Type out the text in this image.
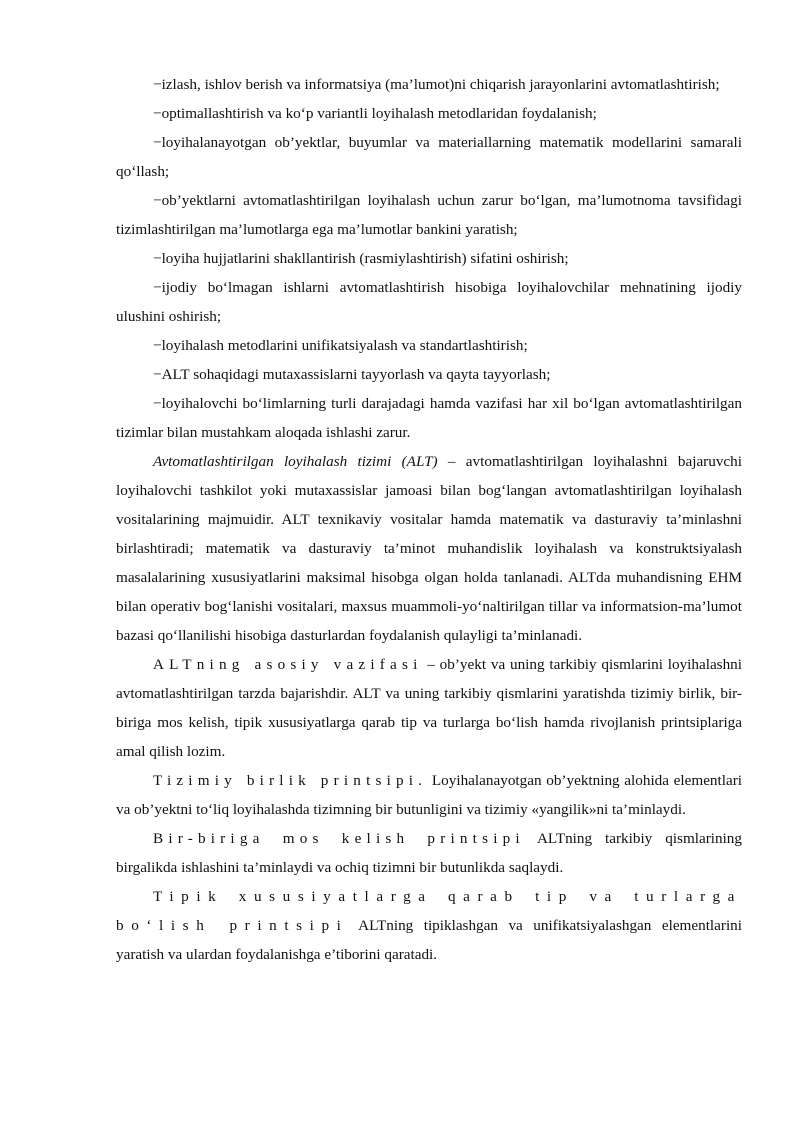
−izlash, ishlov berish va informatsiya (ma’lumot)ni chiqarish jarayonlarini avtomatlashtirish;

−optimallashtirish va ko‘p variantli loyihalash metodlaridan foydalanish;

−loyihalanayotgan ob’yektlar, buyumlar va materiallarning matematik modellarini samarali qo‘llash;

−ob’yektlarni avtomatlashtirilgan loyihalash uchun zarur bo‘lgan, ma’lumotnoma tavsifidagi tizimlashtirilgan ma’lumotlarga ega ma’lumotlar bankini yaratish;

−loyiha hujjatlarini shakllantirish (rasmiylashtirish) sifatini oshirish;

−ijodiy bo‘lmagan ishlarni avtomatlashtirish hisobiga loyihalovchilar mehnatining ijodiy ulushini oshirish;

−loyihalash metodlarini unifikatsiyalash va standartlashtirish;

−ALT sohaqidagi mutaxassislarni tayyorlash va qayta tayyorlash;

−loyihalovchi bo‘limlarning turli darajadagi hamda vazifasi har xil bo‘lgan avtomatlashtirilgan tizimlar bilan mustahkam aloqada ishlashi zarur.

Avtomatlashtirilgan loyihalash tizimi (ALT) – avtomatlashtirilgan loyihalashni bajaruvchi loyihalovchi tashkilot yoki mutaxassislar jamoasi bilan bog‘langan avtomatlashtirilgan loyihalash vositalarining majmuidir. ALT texnikaviy vositalar hamda matematik va dasturaviy ta’minlashni birlashtiradi; matematik va dasturaviy ta’minot muhandislik loyihalash va konstruktsiyalash masalalarining xususiyatlarini maksimal hisobga olgan holda tanlanadi. ALTda muhandisning EHM bilan operativ bog‘lanishi vositalari, maxsus muammoli-yo‘naltirilgan tillar va informatsion-ma’lumot bazasi qo‘llanilishi hisobiga dasturlardan foydalanish qulayligi ta’minlanadi.

ALTning asosiy vazifasi – ob’yekt va uning tarkibiy qismlarini loyihalashni avtomatlashtirilgan tarzda bajarishdir. ALT va uning tarkibiy qismlarini yaratishda tizimiy birlik, bir-biriga mos kelish, tipik xususiyatlarga qarab tip va turlarga bo‘lish hamda rivojlanish printsiplariga amal qilish lozim.

Tizimiy birlik printsipi. Loyihalanayotgan ob’yektning alohida elementlari va ob’yektni to‘liq loyihalashda tizimning bir butunligini va tizimiy «yangilik»ni ta’minlaydi.

Bir-biriga mos kelish printsipi ALTning tarkibiy qismlarining birgalikda ishlashini ta’minlaydi va ochiq tizimni bir butunlikda saqlaydi.

Tipik xususiyatlarga qarab tip va turlarga bo‘lish printsipi ALTning tipiklashgan va unifikatsiyalashgan elementlarini yaratish va ulardan foydalanishga e’tiborini qaratadi.
